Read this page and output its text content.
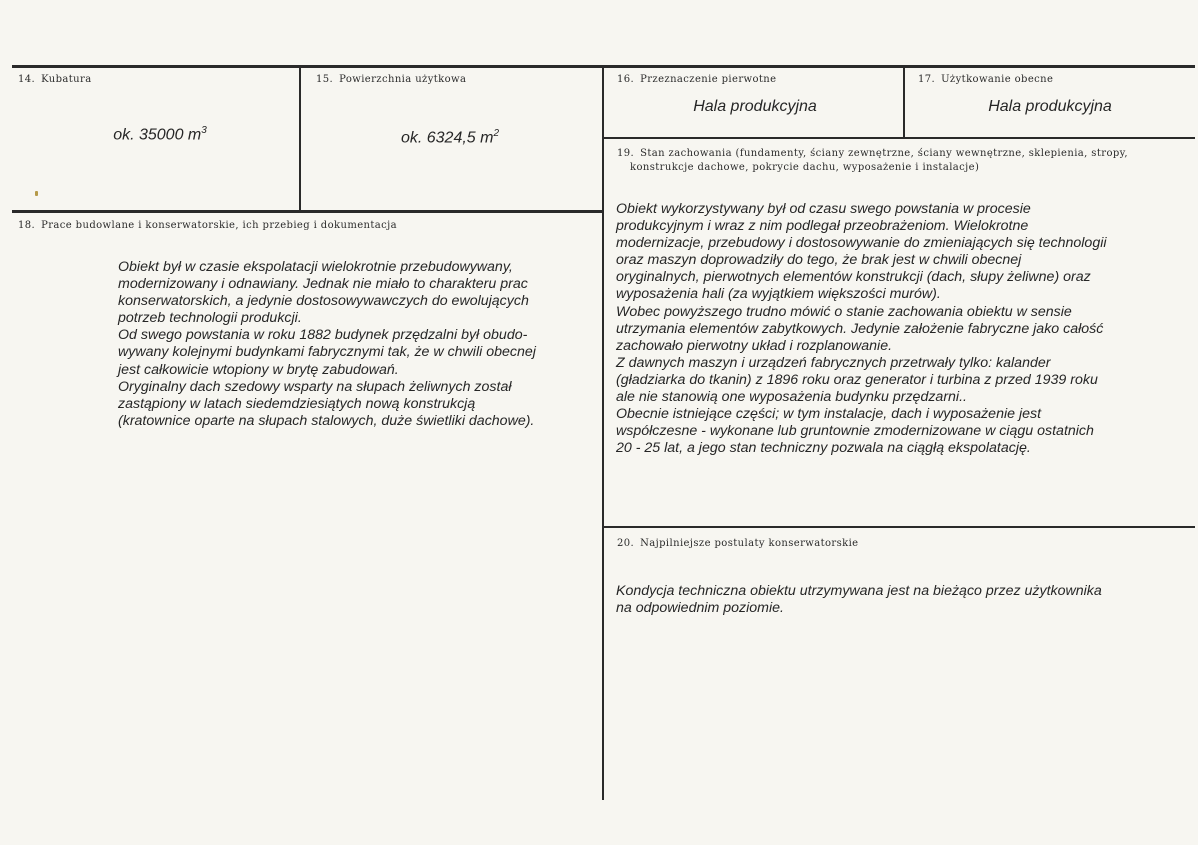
14. Kubatura
ok. 35000 $m^3$
15. Powierzchnia użytkowa
ok. 6324,5 $m^2$
16. Przeznaczenie pierwotne
Hala produkcyjna
17. Użytkowanie obecne
Hala produkcyjna
18. Prace budowlane i konserwatorskie, ich przebieg i dokumentacja
Obiekt był w czasie ekspolatacji wielokrotnie przebudowywany,
modernizowany i odnawiany. Jednak nie miało to charakteru prac
konserwatorskich, a jedynie dostosowywawczych do ewolujących
potrzeb technologii produkcji.
Od swego powstania w roku 1882 budynek przędzalni był obudo-
wywany kolejnymi budynkami fabrycznymi tak, że w chwili obecnej
jest całkowicie wtopiony w brytę zabudowań.
Oryginalny dach szedowy wsparty na słupach żeliwnych został
zastąpiony w latach siedemdziesiątych nową konstrukcją
(kratownice oparte na słupach stalowych, duże świetliki dachowe).
19. Stan zachowania (fundamenty, ściany zewnętrzne, ściany wewnętrzne, sklepienia, stropy,
konstrukcje dachowe, pokrycie dachu, wyposażenie i instalacje)
Obiekt wykorzystywany był od czasu swego powstania w procesie
produkcyjnym i wraz z nim podlegał przeobrażeniom. Wielokrotne
modernizacje, przebudowy i dostosowywanie do zmieniających się technologii
oraz maszyn doprowadziły do tego, że brak jest w chwili obecnej
oryginalnych, pierwotnych elementów konstrukcji (dach, słupy żeliwne) oraz
wyposażenia hali (za wyjątkiem większości murów).
Wobec powyższego trudno mówić o stanie zachowania obiektu w sensie
utrzymania elementów zabytkowych. Jedynie założenie fabryczne jako całość
zachowało pierwotny układ i rozplanowanie.
Z dawnych maszyn i urządzeń fabrycznych przetrwały tylko: kalander
(gładziarka do tkanin) z 1896 roku oraz generator i turbina z przed 1939 roku
ale nie stanowią one wyposażenia budynku przędzarni..
Obecnie istniejące części; w tym instalacje, dach i wyposażenie jest
współczesne - wykonane lub gruntownie zmodernizowane w ciągu ostatnich
20 - 25 lat, a jego stan techniczny pozwala na ciągłą ekspolatację.
20. Najpilniejsze postulaty konserwatorskie
Kondycja techniczna obiektu utrzymywana jest na bieżąco przez użytkownika
na odpowiednim poziomie.
